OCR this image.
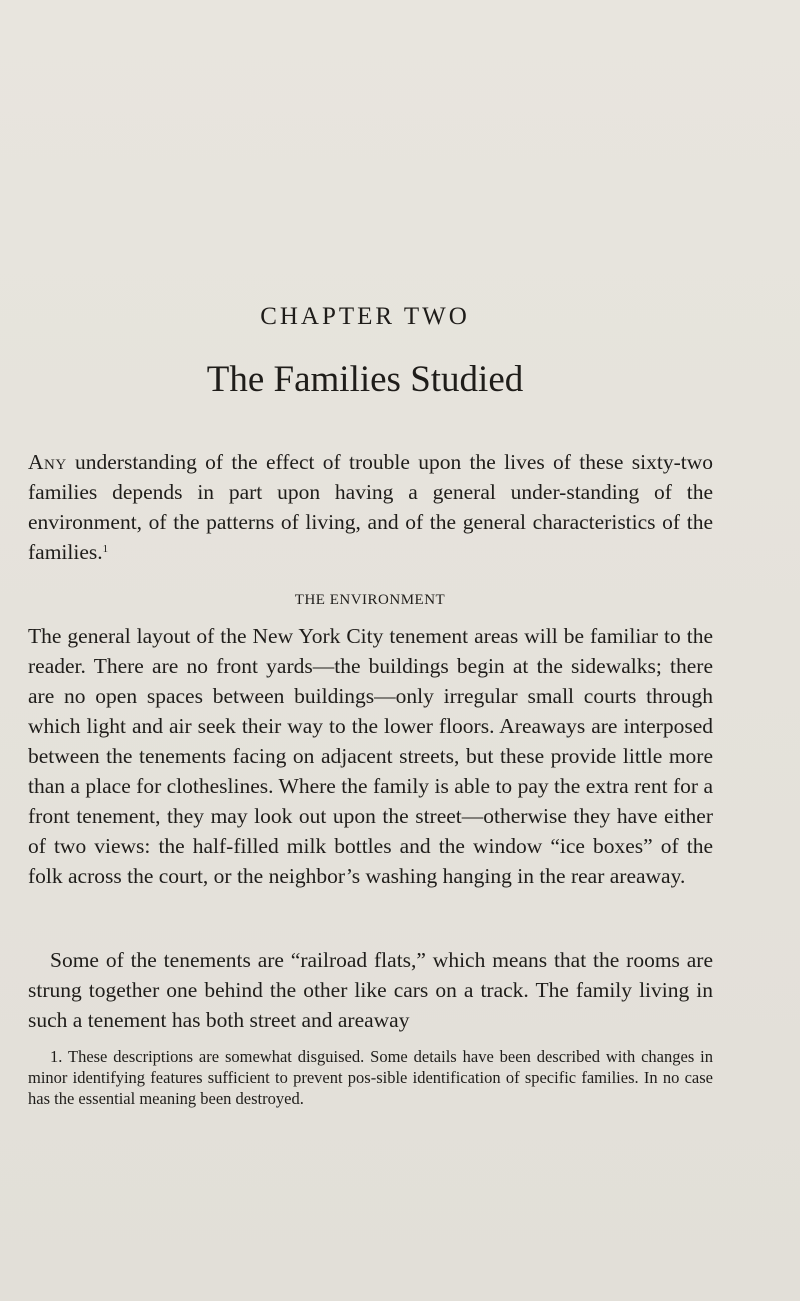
CHAPTER TWO
The Families Studied

Any understanding of the effect of trouble upon the lives of these sixty-two families depends in part upon having a general under-standing of the environment, of the patterns of living, and of the general characteristics of the families.$^1$

THE ENVIRONMENT

The general layout of the New York City tenement areas will be familiar to the reader. There are no front yards—the buildings begin at the sidewalks; there are no open spaces between buildings—only irregular small courts through which light and air seek their way to the lower floors. Areaways are interposed between the tenements facing on adjacent streets, but these provide little more than a place for clotheslines. Where the family is able to pay the extra rent for a front tenement, they may look out upon the street—otherwise they have either of two views: the half-filled milk bottles and the window “ice boxes” of the folk across the court, or the neighbor’s washing hanging in the rear areaway.

Some of the tenements are “railroad flats,” which means that the rooms are strung together one behind the other like cars on a track. The family living in such a tenement has both street and areaway

1. These descriptions are somewhat disguised. Some details have been described with changes in minor identifying features sufficient to prevent pos-sible identification of specific families. In no case has the essential meaning been destroyed.
